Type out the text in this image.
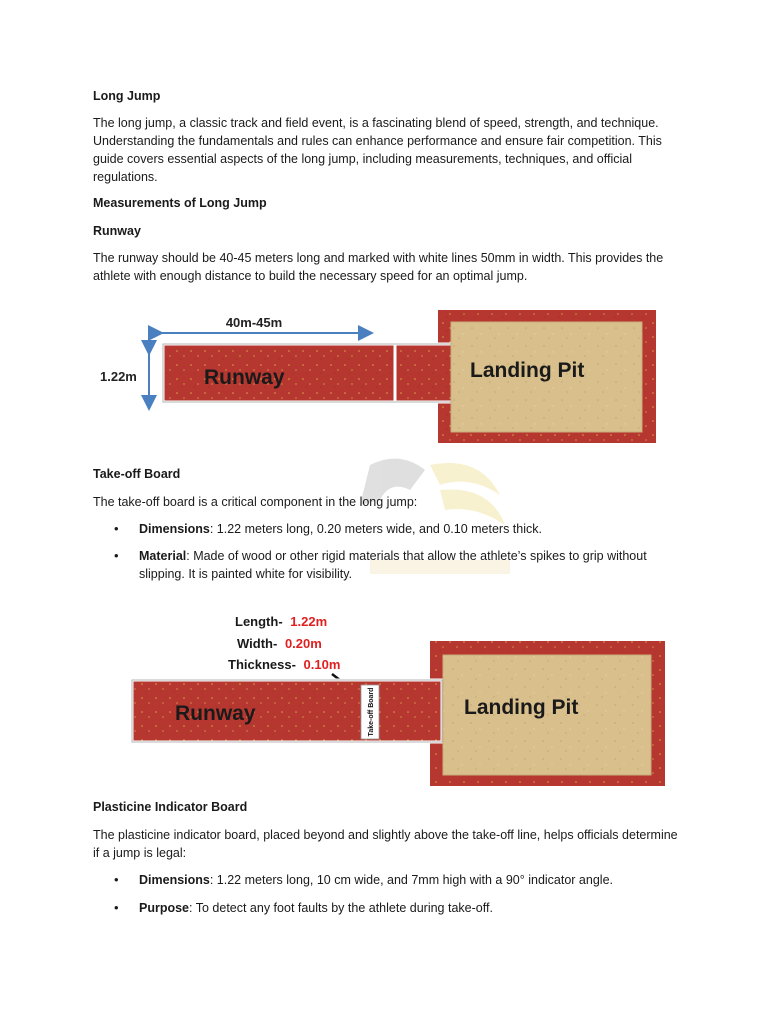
Long Jump

The long jump, a classic track and field event, is a fascinating blend of speed, strength, and technique. Understanding the fundamentals and rules can enhance performance and ensure fair competition. This guide covers essential aspects of the long jump, including measurements, techniques, and official regulations.

Measurements of Long Jump

Runway

The runway should be 40-45 meters long and marked with white lines 50mm in width. This provides the athlete with enough distance to build the necessary speed for an optimal jump.

40m-45m
1.22m	Runway	Landing Pit

Take-off Board

The take-off board is a critical component in the long jump:

• Dimensions: 1.22 meters long, 0.20 meters wide, and 0.10 meters thick.

• Material: Made of wood or other rigid materials that allow the athlete’s spikes to grip without slipping. It is painted white for visibility.

Length- 1.22m
Width- 0.20m
Thickness- 0.10m
Take-off Board
Runway	Landing Pit

Plasticine Indicator Board

The plasticine indicator board, placed beyond and slightly above the take-off line, helps officials determine if a jump is legal:

• Dimensions: 1.22 meters long, 10 cm wide, and 7mm high with a 90° indicator angle.

• Purpose: To detect any foot faults by the athlete during take-off.
